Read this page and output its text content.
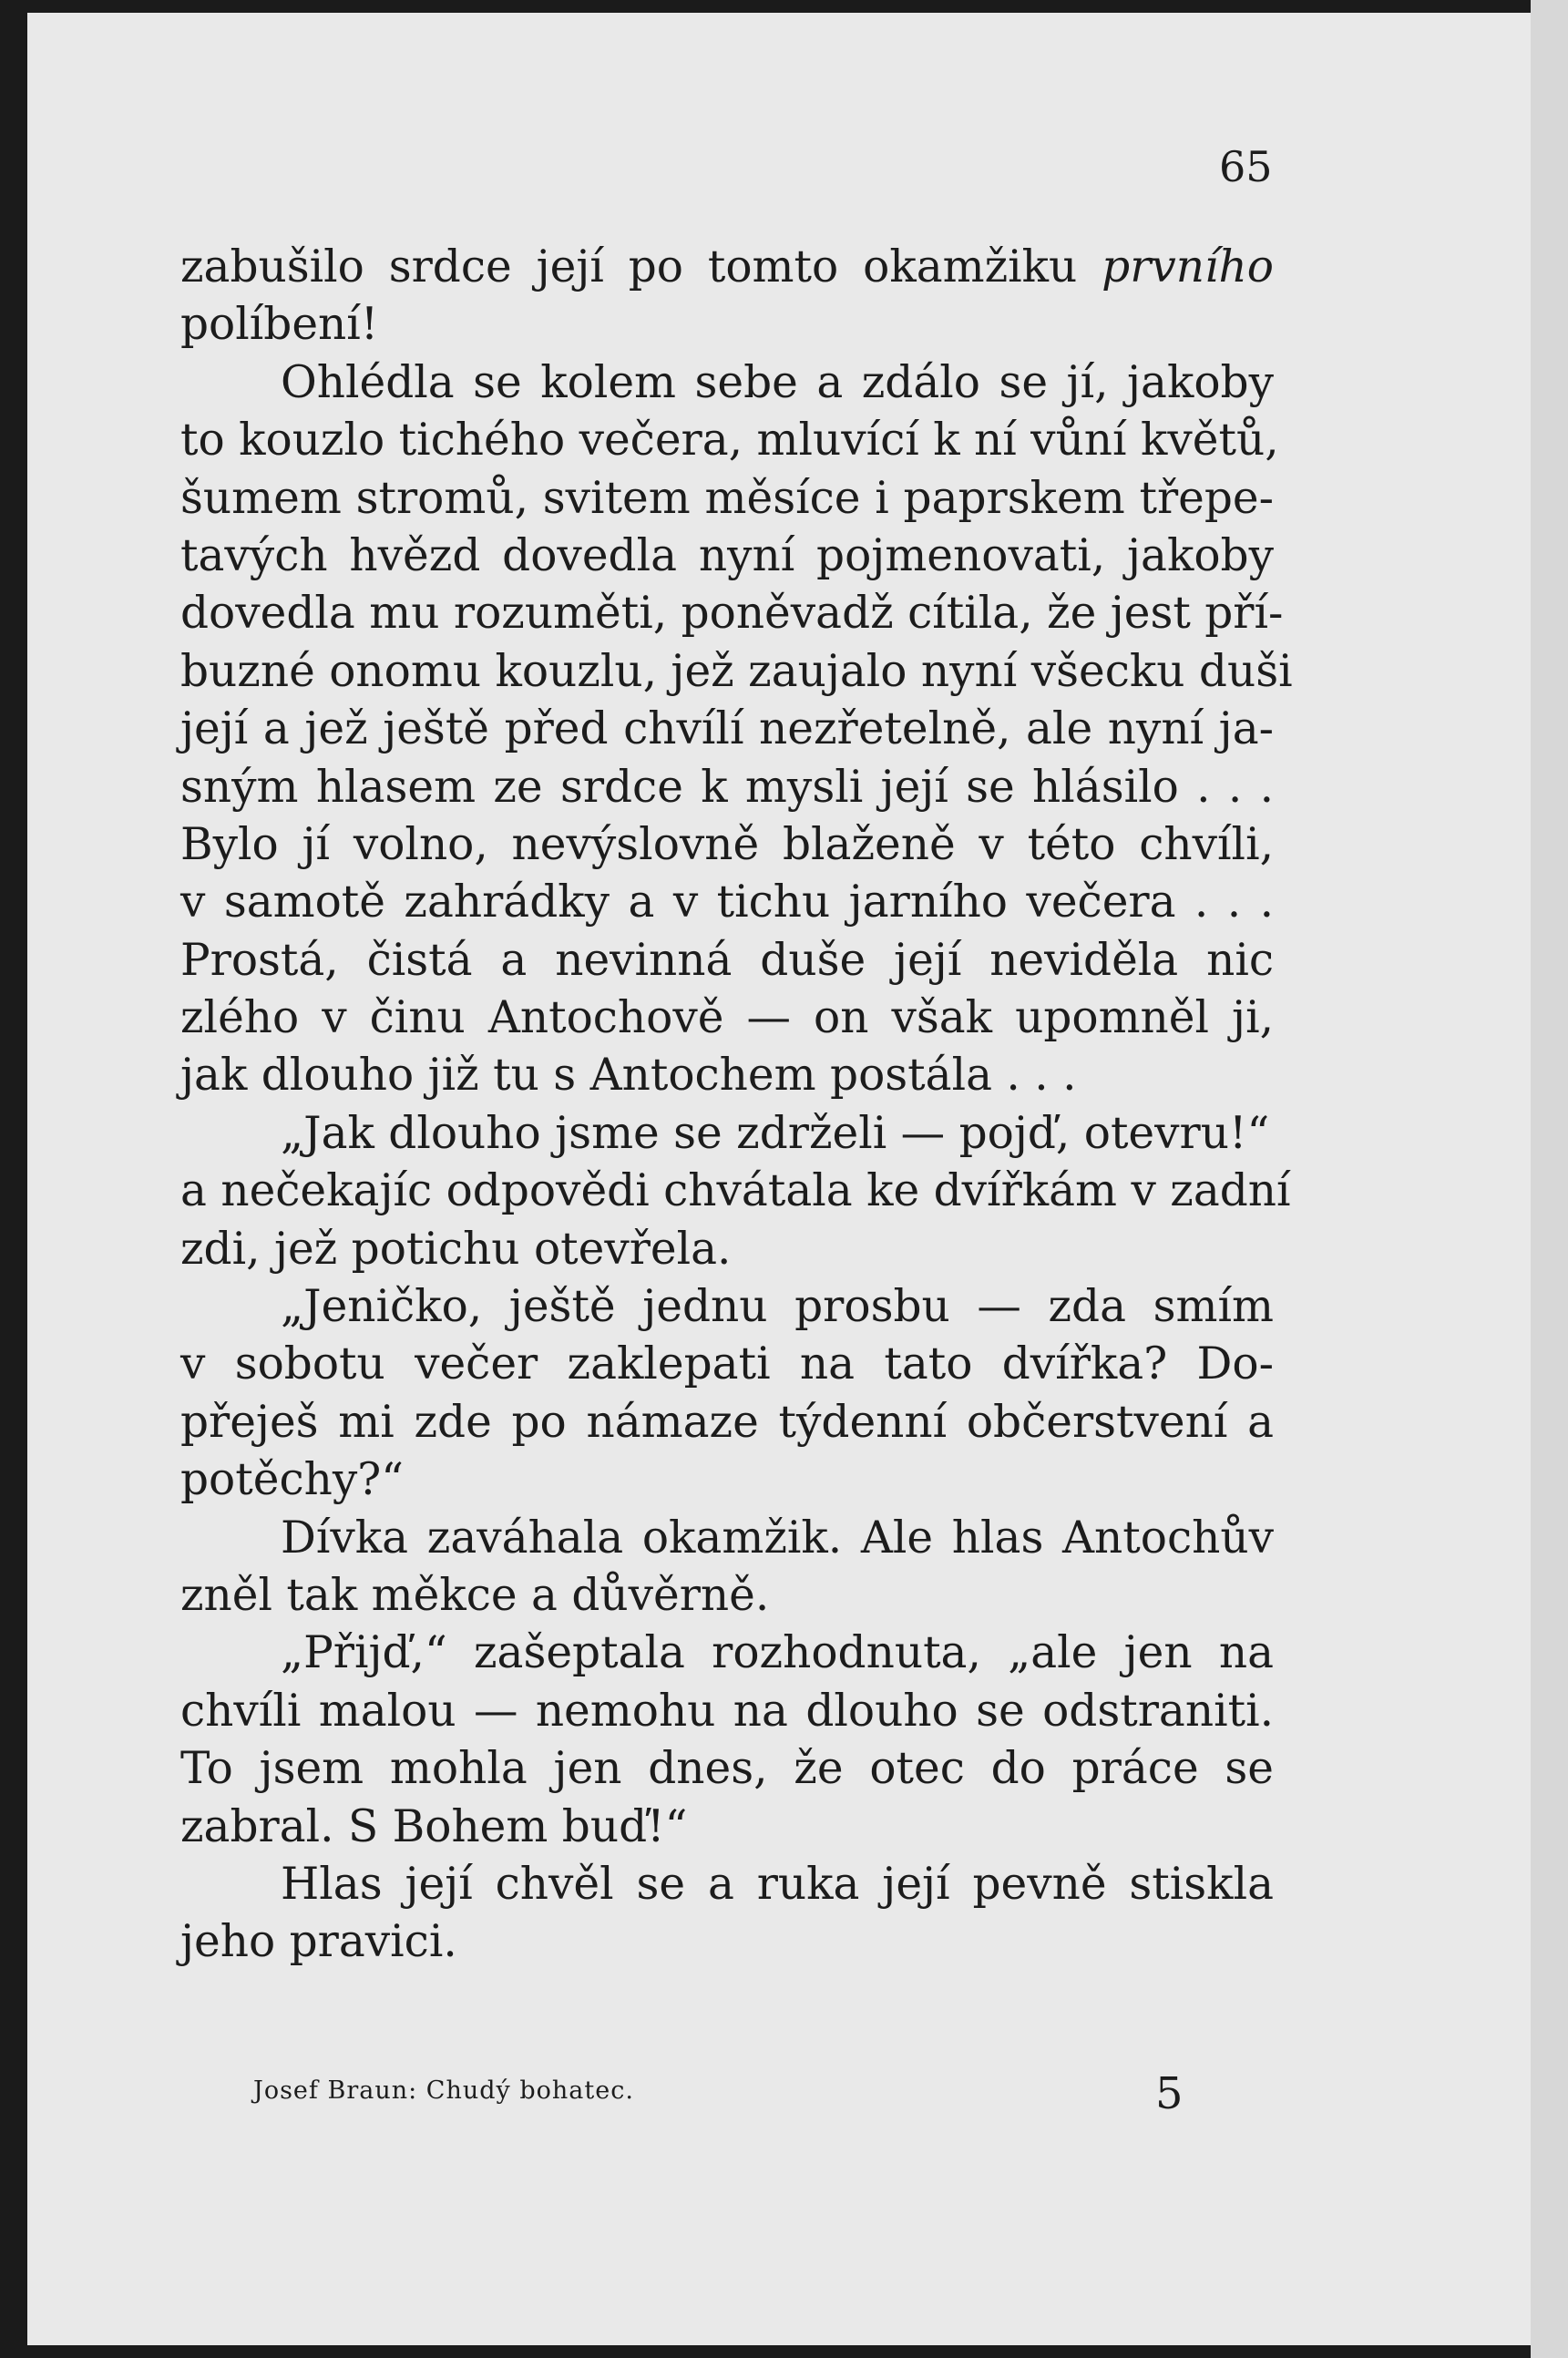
65
zabušilo srdce její po tomto okamžiku prvního
políbení!
Ohlédla se kolem sebe a zdálo se jí, jakoby
to kouzlo tichého večera, mluvící k ní vůní květů,
šumem stromů, svitem měsíce i paprskem třepe-
tavých hvězd dovedla nyní pojmenovati, jakoby
dovedla mu rozuměti, poněvadž cítila, že jest pří-
buzné onomu kouzlu, jež zaujalo nyní všecku duši
její a jež ještě před chvílí nezřetelně, ale nyní ja-
sným hlasem ze srdce k mysli její se hlásilo . . .
Bylo jí volno, nevýslovně blaženě v této chvíli,
v samotě zahrádky a v tichu jarního večera . . .
Prostá, čistá a nevinná duše její neviděla nic
zlého v činu Antochově — on však upomněl ji,
jak dlouho již tu s Antochem postála . . .
„Jak dlouho jsme se zdrželi — pojď, otevru!“
a nečekajíc odpovědi chvátala ke dvířkám v zadní
zdi, jež potichu otevřela.
„Jeničko, ještě jednu prosbu — zda smím
v sobotu večer zaklepati na tato dvířka? Do-
přeješ mi zde po námaze týdenní občerstvení a
potěchy?“
Dívka zaváhala okamžik. Ale hlas Antochův
zněl tak měkce a důvěrně.
„Přijď,“ zašeptala rozhodnuta, „ale jen na
chvíli malou — nemohu na dlouho se odstraniti.
To jsem mohla jen dnes, že otec do práce se
zabral. S Bohem buď!“
Hlas její chvěl se a ruka její pevně stiskla
jeho pravici.
Josef Braun: Chudý bohatec.	5
